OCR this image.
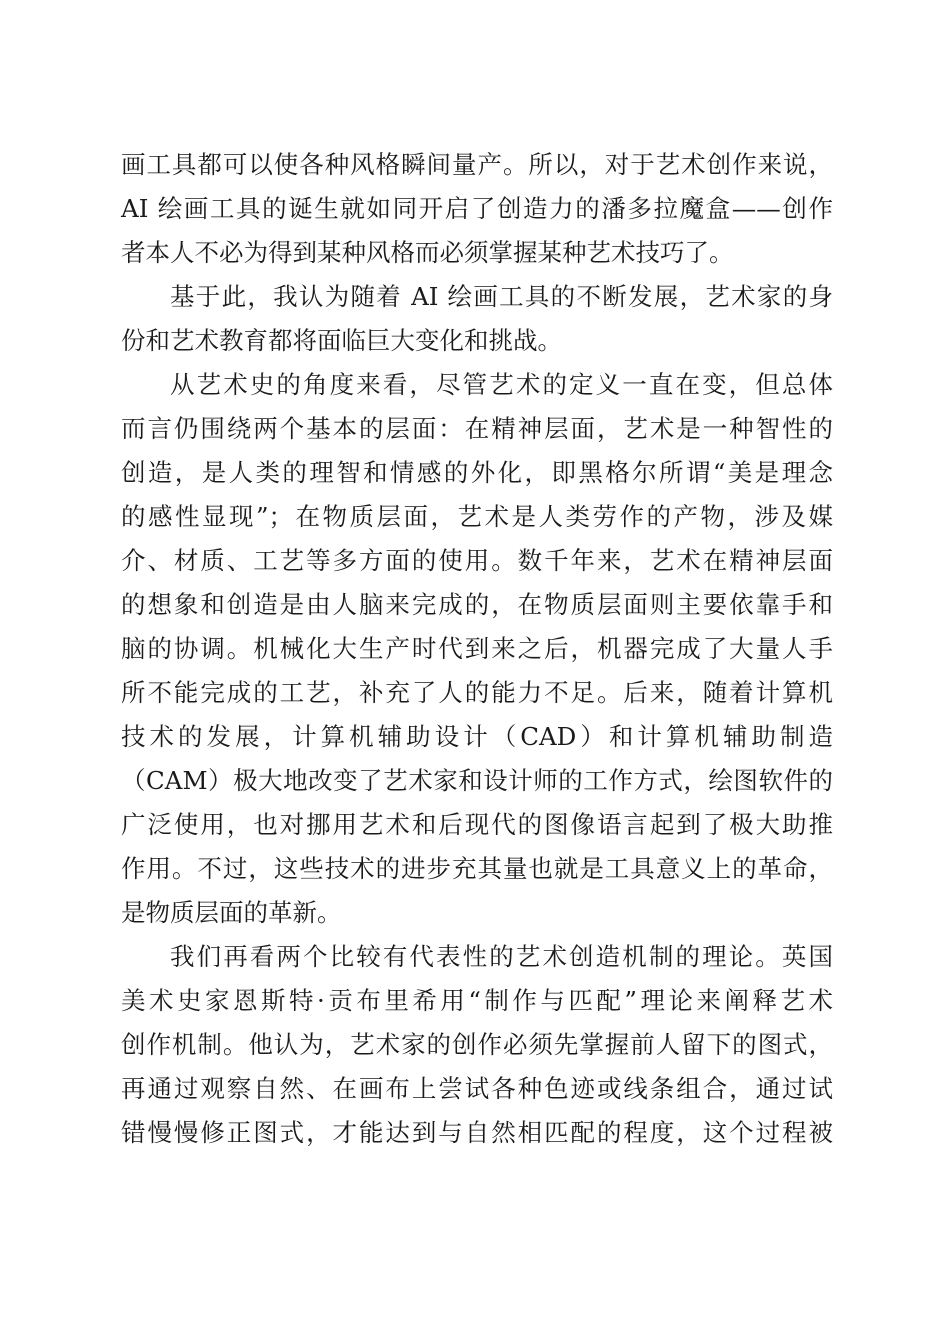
画工具都可以使各种风格瞬间量产。所以，对于艺术创作来说，
AI 绘画工具的诞生就如同开启了创造力的潘多拉魔盒——创作
者本人不必为得到某种风格而必须掌握某种艺术技巧了。
基于此，我认为随着 AI 绘画工具的不断发展，艺术家的身
份和艺术教育都将面临巨大变化和挑战。
从艺术史的角度来看，尽管艺术的定义一直在变，但总体
而言仍围绕两个基本的层面：在精神层面，艺术是一种智性的
创造，是人类的理智和情感的外化，即黑格尔所谓“美是理念
的感性显现”；在物质层面，艺术是人类劳作的产物，涉及媒
介、材质、工艺等多方面的使用。数千年来，艺术在精神层面
的想象和创造是由人脑来完成的，在物质层面则主要依靠手和
脑的协调。机械化大生产时代到来之后，机器完成了大量人手
所不能完成的工艺，补充了人的能力不足。后来，随着计算机
技术的发展，计算机辅助设计（CAD）和计算机辅助制造
（CAM）极大地改变了艺术家和设计师的工作方式，绘图软件的
广泛使用，也对挪用艺术和后现代的图像语言起到了极大助推
作用。不过，这些技术的进步充其量也就是工具意义上的革命，
是物质层面的革新。
我们再看两个比较有代表性的艺术创造机制的理论。英国
美术史家恩斯特·贡布里希用“制作与匹配”理论来阐释艺术
创作机制。他认为，艺术家的创作必须先掌握前人留下的图式，
再通过观察自然、在画布上尝试各种色迹或线条组合，通过试
错慢慢修正图式，才能达到与自然相匹配的程度，这个过程被
